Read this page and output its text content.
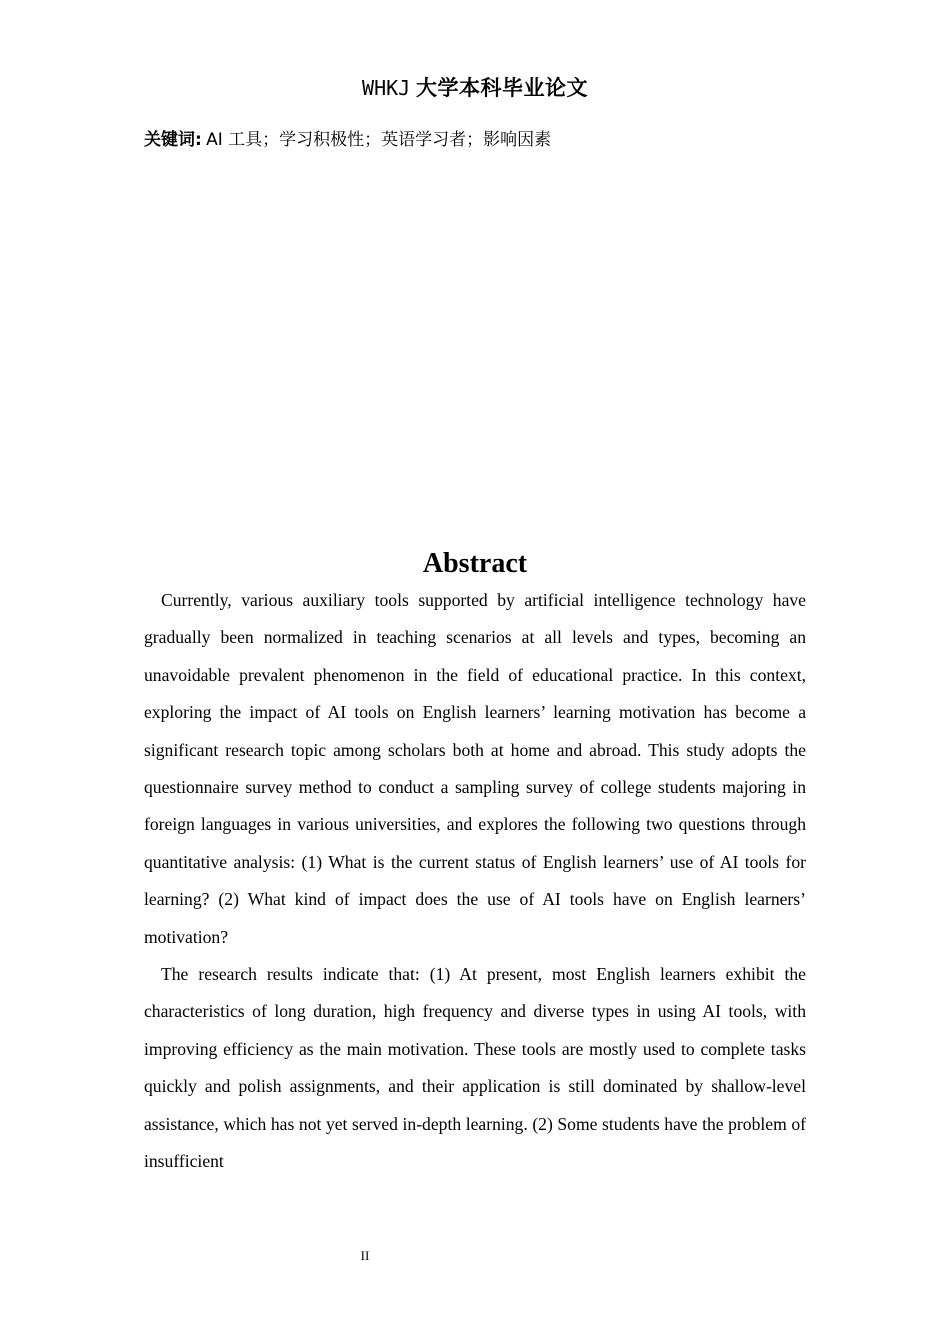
WHKJ 大学本科毕业论文
关键词: AI 工具；学习积极性；英语学习者；影响因素
Abstract

Currently, various auxiliary tools supported by artificial intelligence technology have gradually been normalized in teaching scenarios at all levels and types, becoming an unavoidable prevalent phenomenon in the field of educational practice. In this context, exploring the impact of AI tools on English learners’ learning motivation has become a significant research topic among scholars both at home and abroad. This study adopts the questionnaire survey method to conduct a sampling survey of college students majoring in foreign languages in various universities, and explores the following two questions through quantitative analysis: (1) What is the current status of English learners’ use of AI tools for learning? (2) What kind of impact does the use of AI tools have on English learners’ motivation?

The research results indicate that: (1) At present, most English learners exhibit the characteristics of long duration, high frequency and diverse types in using AI tools, with improving efficiency as the main motivation. These tools are mostly used to complete tasks quickly and polish assignments, and their application is still dominated by shallow-level assistance, which has not yet served in-depth learning. (2) Some students have the problem of insufficient

II
